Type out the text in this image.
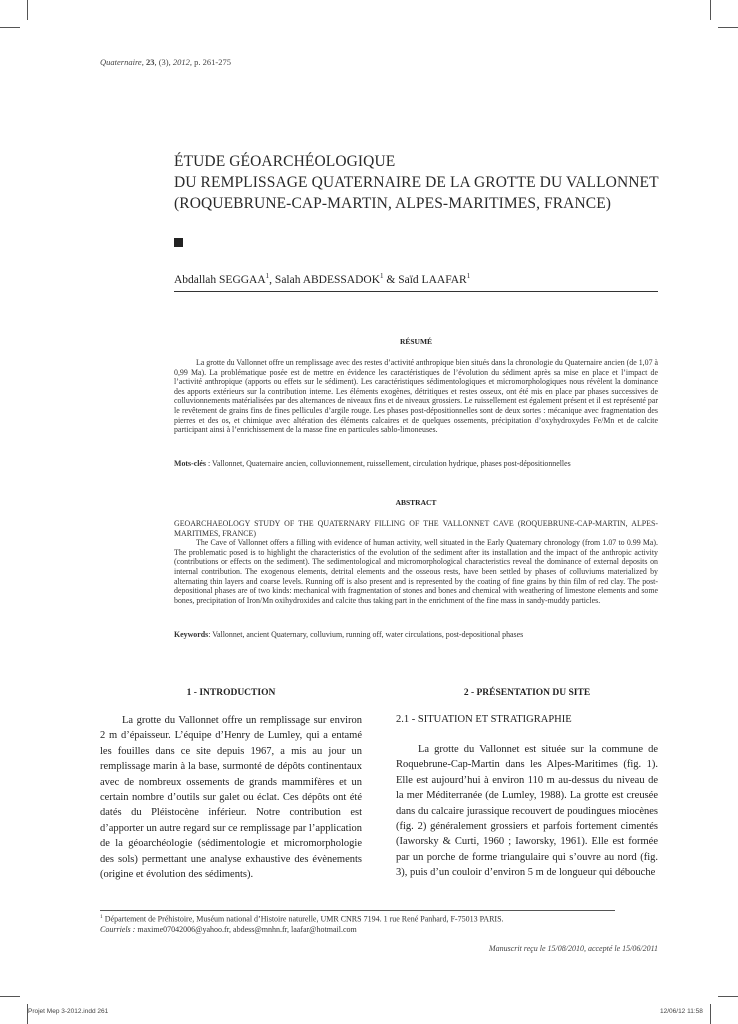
Quaternaire, 23, (3), 2012, p. 261-275
ÉTUDE GÉOARCHÉOLOGIQUE
DU REMPLISSAGE QUATERNAIRE DE LA GROTTE DU VALLONNET
(ROQUEBRUNE-CAP-MARTIN, ALPES-MARITIMES, FRANCE)
Abdallah SEGGAA$^1$, Salah ABDESSADOK$^1$ & Saïd LAAFAR$^1$
RÉSUMÉ

La grotte du Vallonnet offre un remplissage avec des restes d’activité anthropique bien situés dans la chronologie du Quaternaire ancien (de 1,07 à 0,99 Ma). La problématique posée est de mettre en évidence les caractéristiques de l’évolution du sédiment après sa mise en place et l’impact de l’activité anthropique (apports ou effets sur le sédiment). Les caractéristiques sédimentologiques et micromorphologiques nous révèlent la dominance des apports extérieurs sur la contribution interne. Les éléments exogènes, détritiques et restes osseux, ont été mis en place par phases successives de colluvionnements matérialisées par des alternances de niveaux fins et de niveaux grossiers. Le ruissellement est également présent et il est représenté par le revêtement de grains fins de fines pellicules d’argile rouge. Les phases post-dépositionnelles sont de deux sortes : mécanique avec fragmentation des pierres et des os, et chimique avec altération des éléments calcaires et de quelques ossements, précipitation d’oxyhydroxydes Fe/Mn et de calcite participant ainsi à l’enrichissement de la masse fine en particules sablo-limoneuses.

Mots-clés : Vallonnet, Quaternaire ancien, colluvionnement, ruissellement, circulation hydrique, phases post-dépositionnelles

ABSTRACT

GEOARCHAEOLOGY STUDY OF THE QUATERNARY FILLING OF THE VALLONNET CAVE (ROQUEBRUNE-CAP-MARTIN, ALPES-MARITIMES, FRANCE)

The Cave of Vallonnet offers a filling with evidence of human activity, well situated in the Early Quaternary chronology (from 1.07 to 0.99 Ma). The problematic posed is to highlight the characteristics of the evolution of the sediment after its installation and the impact of the anthropic activity (contributions or effects on the sediment). The sedimentological and micromorphological characteristics reveal the dominance of external deposits on internal contribution. The exogenous elements, detrital elements and the osseous rests, have been settled by phases of colluviums materialized by alternating thin layers and coarse levels. Running off is also present and is represented by the coating of fine grains by thin film of red clay. The post-depositional phases are of two kinds: mechanical with fragmentation of stones and bones and chemical with weathering of limestone elements and some bones, precipitation of Iron/Mn oxihydroxides and calcite thus taking part in the enrichment of the fine mass in sandy-muddy particles.

Keywords: Vallonnet, ancient Quaternary, colluvium, running off, water circulations, post-depositional phases

1 - INTRODUCTION

La grotte du Vallonnet offre un remplissage sur environ 2 m d’épaisseur. L’équipe d’Henry de Lumley, qui a entamé les fouilles dans ce site depuis 1967, a mis au jour un remplissage marin à la base, surmonté de dépôts continentaux avec de nombreux ossements de grands mammifères et un certain nombre d’outils sur galet ou éclat. Ces dépôts ont été datés du Pléistocène inférieur. Notre contribution est d’apporter un autre regard sur ce remplissage par l’application de la géoarchéologie (sédimentologie et micromorphologie des sols) permettant une analyse exhaustive des évènements (origine et évolution des sédiments).

2 - PRÉSENTATION DU SITE
2.1 - SITUATION ET STRATIGRAPHIE

La grotte du Vallonnet est située sur la commune de Roquebrune-Cap-Martin dans les Alpes-Maritimes (fig. 1). Elle est aujourd’hui à environ 110 m au-dessus du niveau de la mer Méditerranée (de Lumley, 1988). La grotte est creusée dans du calcaire jurassique recouvert de poudingues miocènes (fig. 2) généralement grossiers et parfois fortement cimentés (Iaworsky & Curti, 1960 ; Iaworsky, 1961). Elle est formée par un porche de forme triangulaire qui s’ouvre au nord (fig. 3), puis d’un couloir d’environ 5 m de longueur qui débouche

$^1$ Département de Préhistoire, Muséum national d’Histoire naturelle, UMR CNRS 7194. 1 rue René Panhard, F-75013 PARIS.
Courriels : maxime07042006@yahoo.fr, abdess@mnhn.fr, laafar@hotmail.com
Manuscrit reçu le 15/08/2010, accepté le 15/06/2011
Projet Mep 3-2012.indd 261	12/06/12 11:58
